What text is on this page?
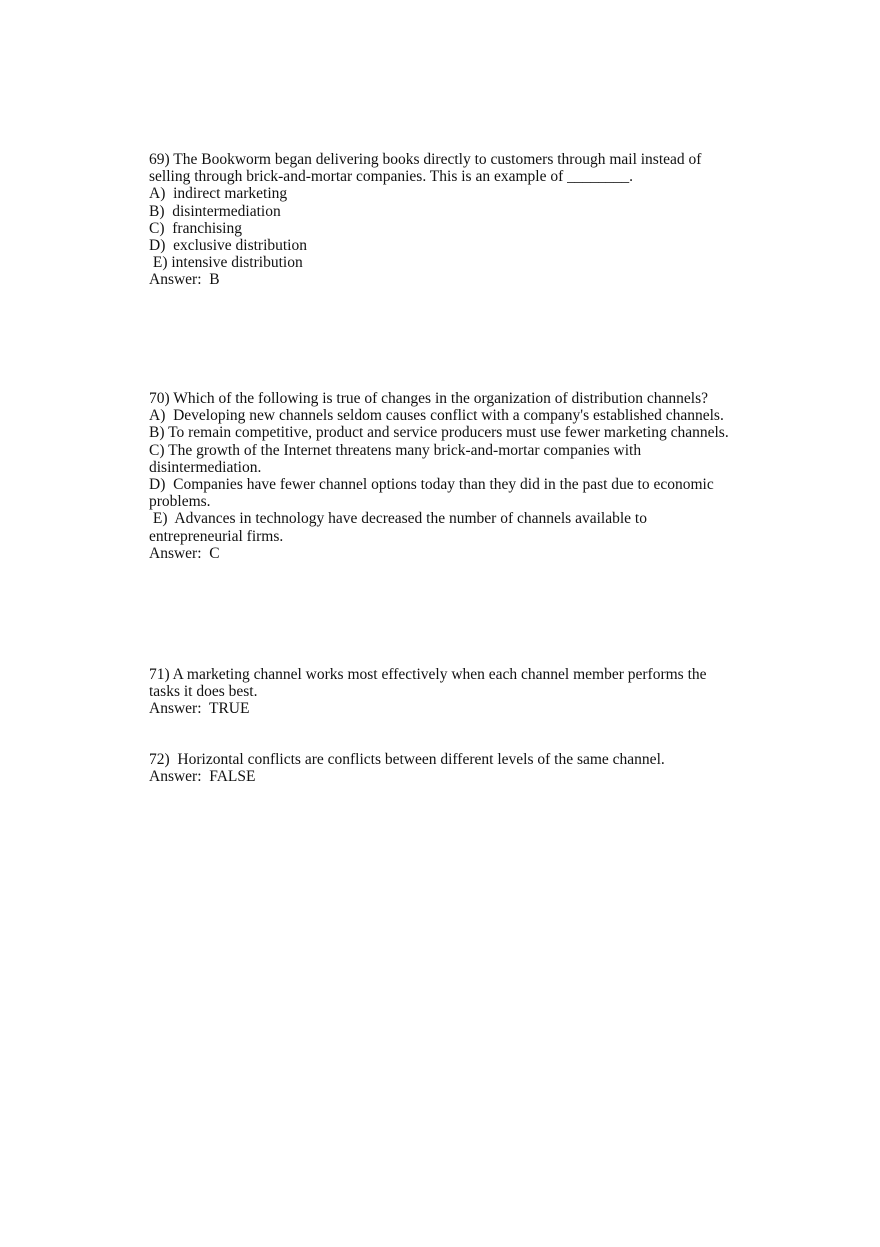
69) The Bookworm began delivering books directly to customers through mail instead of
selling through brick-and-mortar companies. This is an example of ________.
A)  indirect marketing
B)  disintermediation
C)  franchising
D)  exclusive distribution
E) intensive distribution
Answer:  B
70) Which of the following is true of changes in the organization of distribution channels?
A)  Developing new channels seldom causes conflict with a company's established channels.
B) To remain competitive, product and service producers must use fewer marketing channels.
C) The growth of the Internet threatens many brick-and-mortar companies with
disintermediation.
D)  Companies have fewer channel options today than they did in the past due to economic
problems.
E)  Advances in technology have decreased the number of channels available to
entrepreneurial firms.
Answer:  C
71) A marketing channel works most effectively when each channel member performs the
tasks it does best.
Answer:  TRUE
72)  Horizontal conflicts are conflicts between different levels of the same channel.
Answer:  FALSE
